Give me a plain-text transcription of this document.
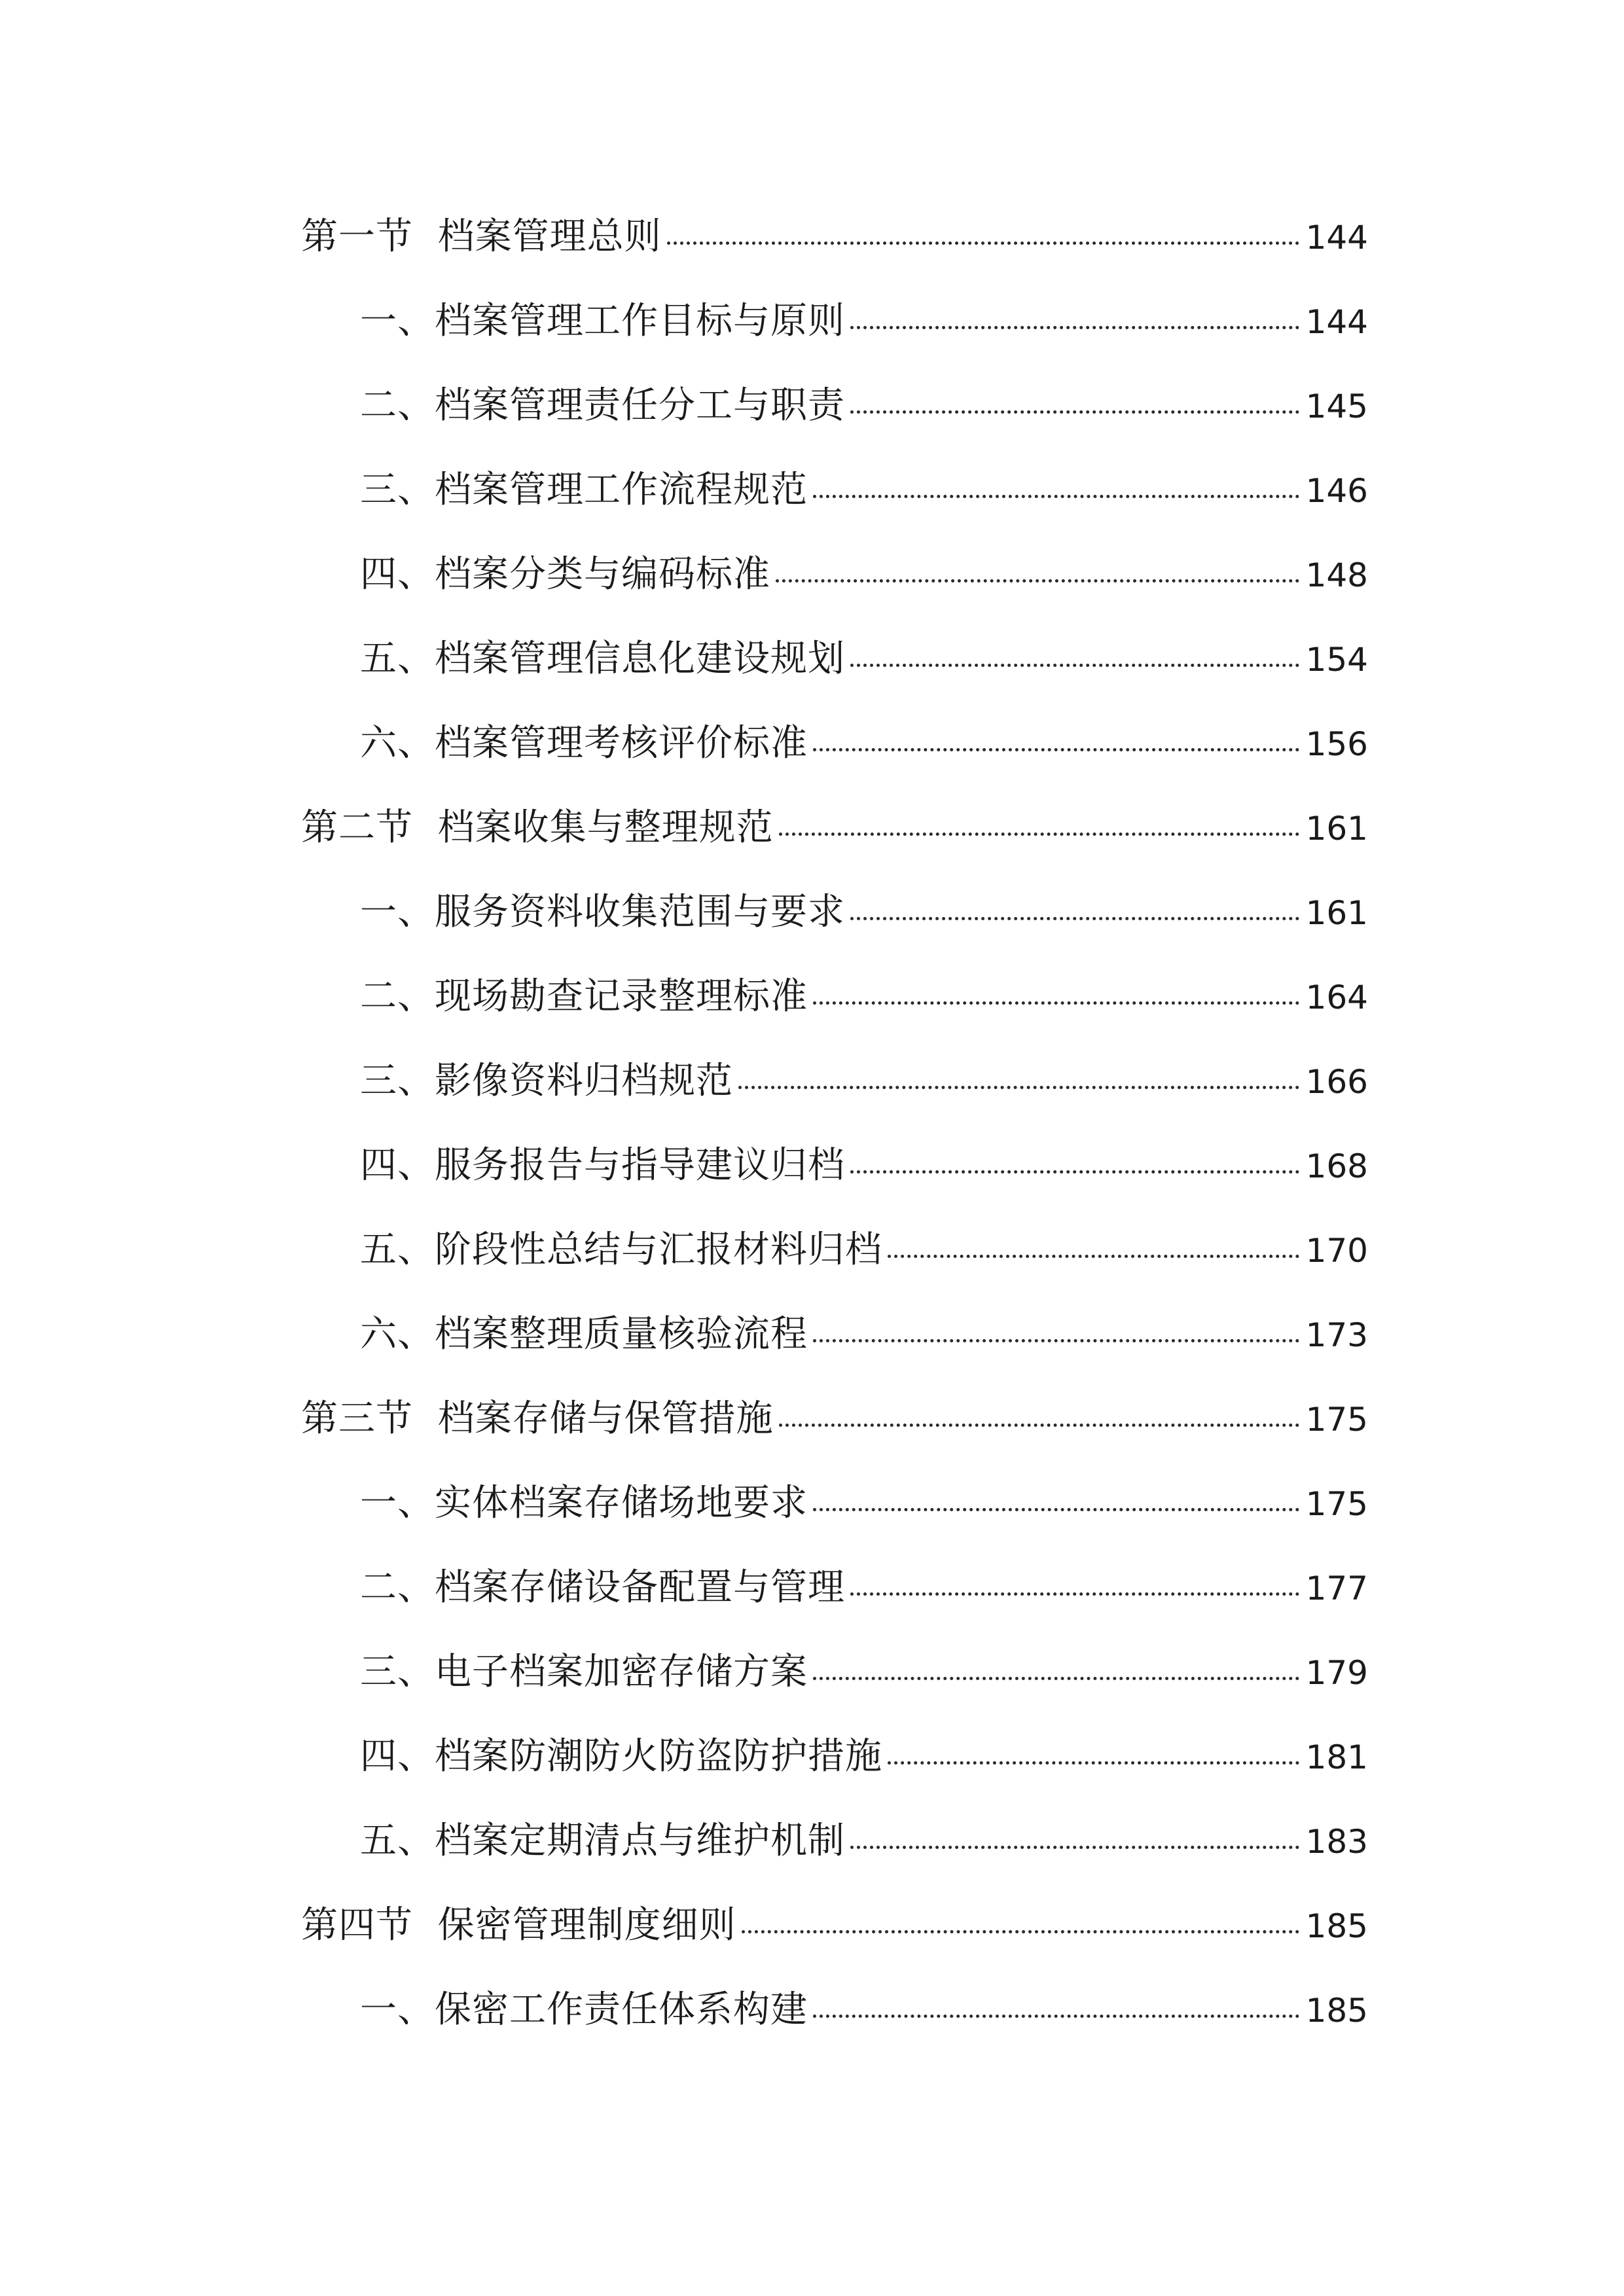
第一节  档案管理总则	144
一、档案管理工作目标与原则	144
二、档案管理责任分工与职责	145
三、档案管理工作流程规范	146
四、档案分类与编码标准	148
五、档案管理信息化建设规划	154
六、档案管理考核评价标准	156
第二节  档案收集与整理规范	161
一、服务资料收集范围与要求	161
二、现场勘查记录整理标准	164
三、影像资料归档规范	166
四、服务报告与指导建议归档	168
五、阶段性总结与汇报材料归档	170
六、档案整理质量核验流程	173
第三节  档案存储与保管措施	175
一、实体档案存储场地要求	175
二、档案存储设备配置与管理	177
三、电子档案加密存储方案	179
四、档案防潮防火防盗防护措施	181
五、档案定期清点与维护机制	183
第四节  保密管理制度细则	185
一、保密工作责任体系构建	185
